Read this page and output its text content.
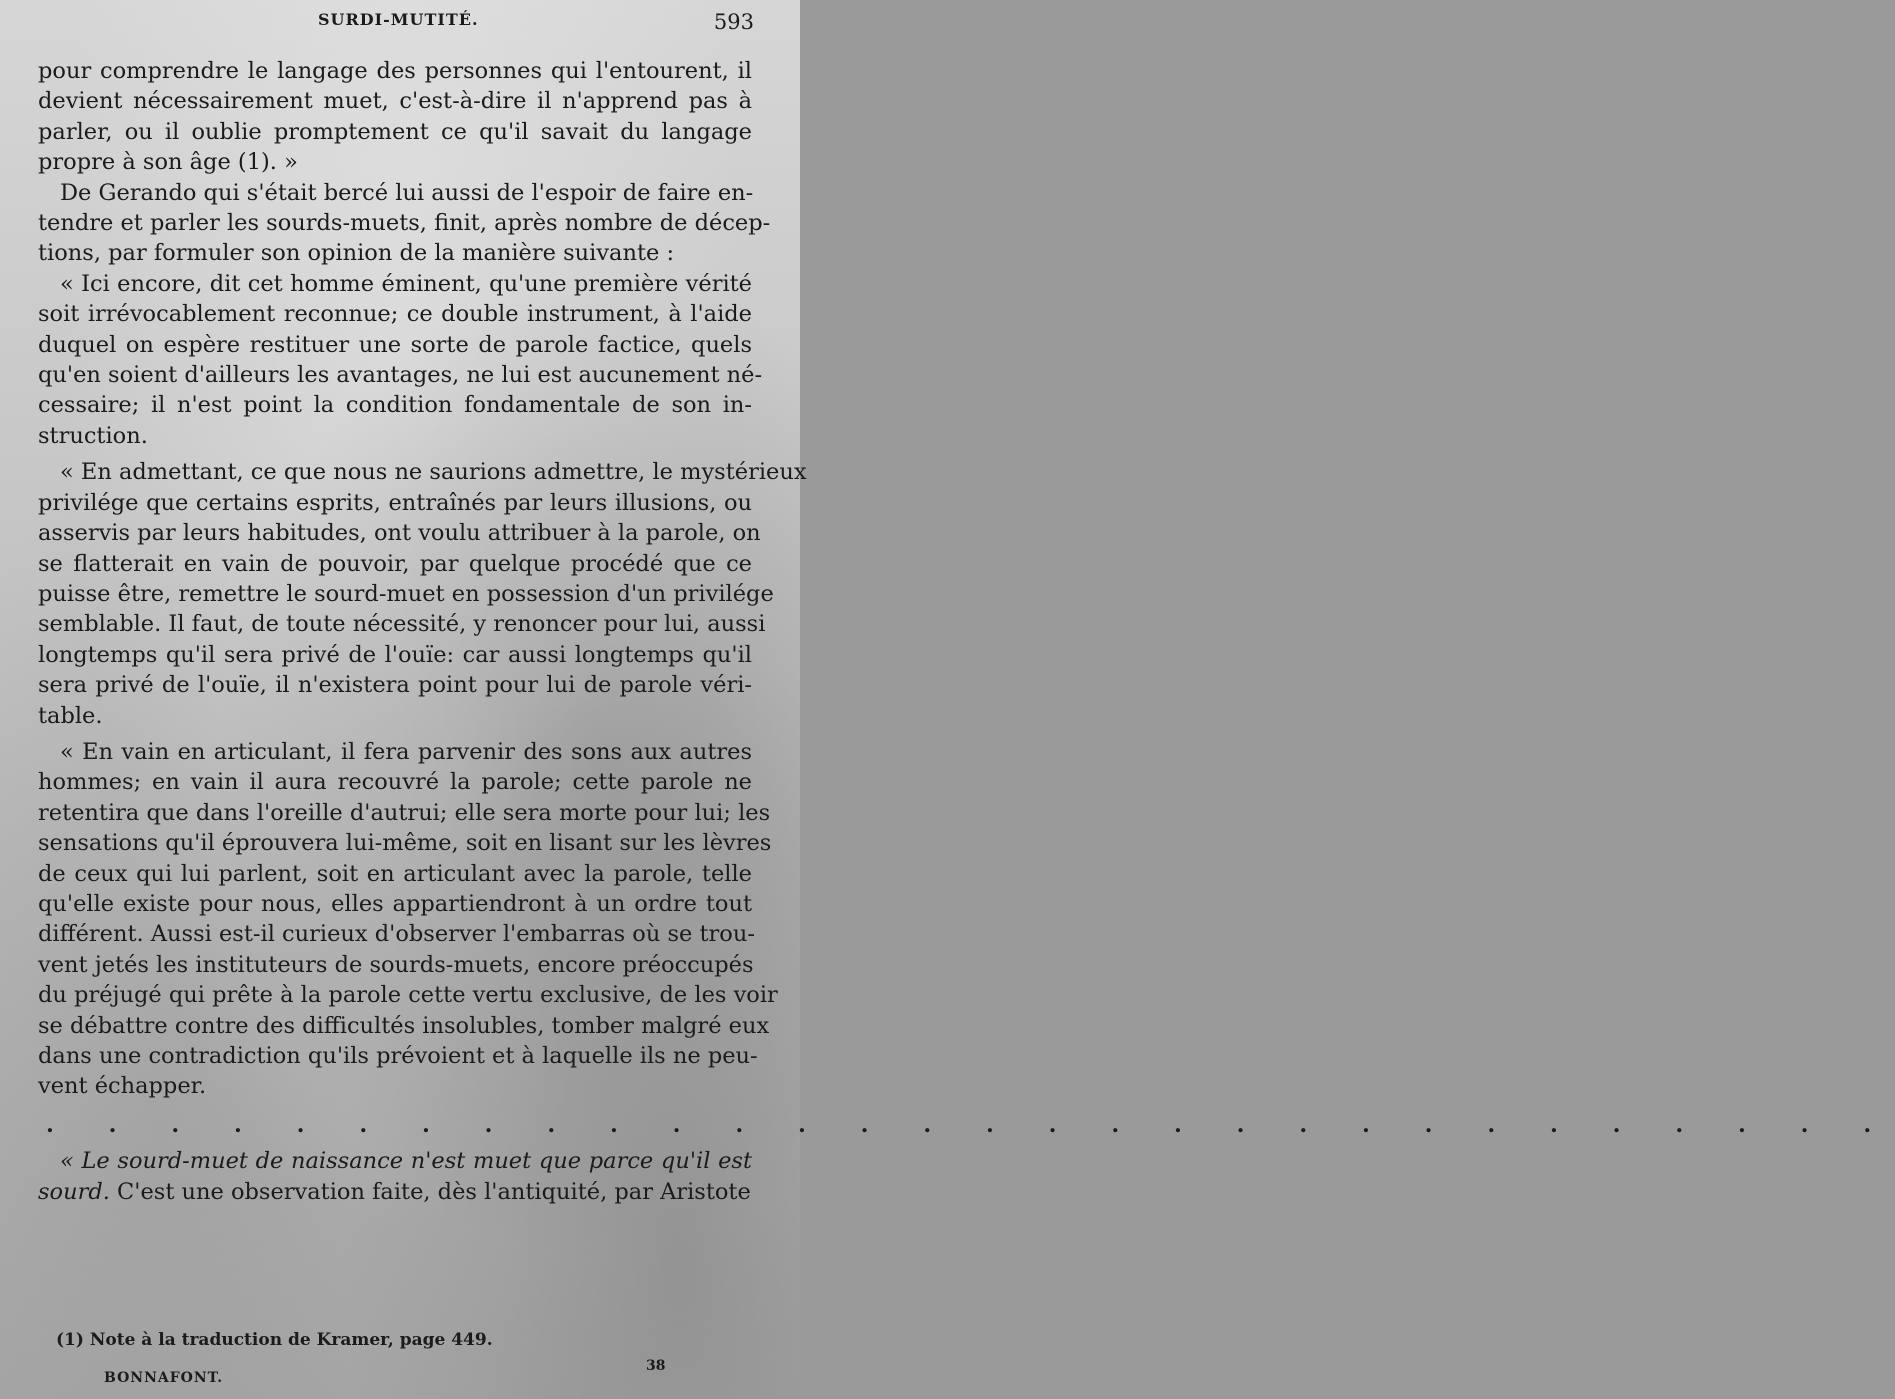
SURDI-MUTITÉ.	593
pour comprendre le langage des personnes qui l'entourent, il
devient nécessairement muet, c'est-à-dire il n'apprend pas à
parler, ou il oublie promptement ce qu'il savait du langage
propre à son âge (1). »
De Gerando qui s'était bercé lui aussi de l'espoir de faire en-
tendre et parler les sourds-muets, finit, après nombre de décep-
tions, par formuler son opinion de la manière suivante :
« Ici encore, dit cet homme éminent, qu'une première vérité
soit irrévocablement reconnue; ce double instrument, à l'aide
duquel on espère restituer une sorte de parole factice, quels
qu'en soient d'ailleurs les avantages, ne lui est aucunement né-
cessaire; il n'est point la condition fondamentale de son in-
struction.
« En admettant, ce que nous ne saurions admettre, le mystérieux
privilége que certains esprits, entraînés par leurs illusions, ou
asservis par leurs habitudes, ont voulu attribuer à la parole, on
se flatterait en vain de pouvoir, par quelque procédé que ce
puisse être, remettre le sourd-muet en possession d'un privilége
semblable. Il faut, de toute nécessité, y renoncer pour lui, aussi
longtemps qu'il sera privé de l'ouïe: car aussi longtemps qu'il
sera privé de l'ouïe, il n'existera point pour lui de parole véri-
table.
« En vain en articulant, il fera parvenir des sons aux autres
hommes; en vain il aura recouvré la parole; cette parole ne
retentira que dans l'oreille d'autrui; elle sera morte pour lui; les
sensations qu'il éprouvera lui-même, soit en lisant sur les lèvres
de ceux qui lui parlent, soit en articulant avec la parole, telle
qu'elle existe pour nous, elles appartiendront à un ordre tout
différent. Aussi est-il curieux d'observer l'embarras où se trou-
vent jetés les instituteurs de sourds-muets, encore préoccupés
du préjugé qui prête à la parole cette vertu exclusive, de les voir
se débattre contre des difficultés insolubles, tomber malgré eux
dans une contradiction qu'ils prévoient et à laquelle ils ne peu-
vent échapper.
. . . . . . . . . . . . . . . . . . . . . . . . . . . . . .
« Le sourd-muet de naissance n'est muet que parce qu'il est
sourd. C'est une observation faite, dès l'antiquité, par Aristote
(1) Note à la traduction de Kramer, page 449.
BONNAFONT.
38
